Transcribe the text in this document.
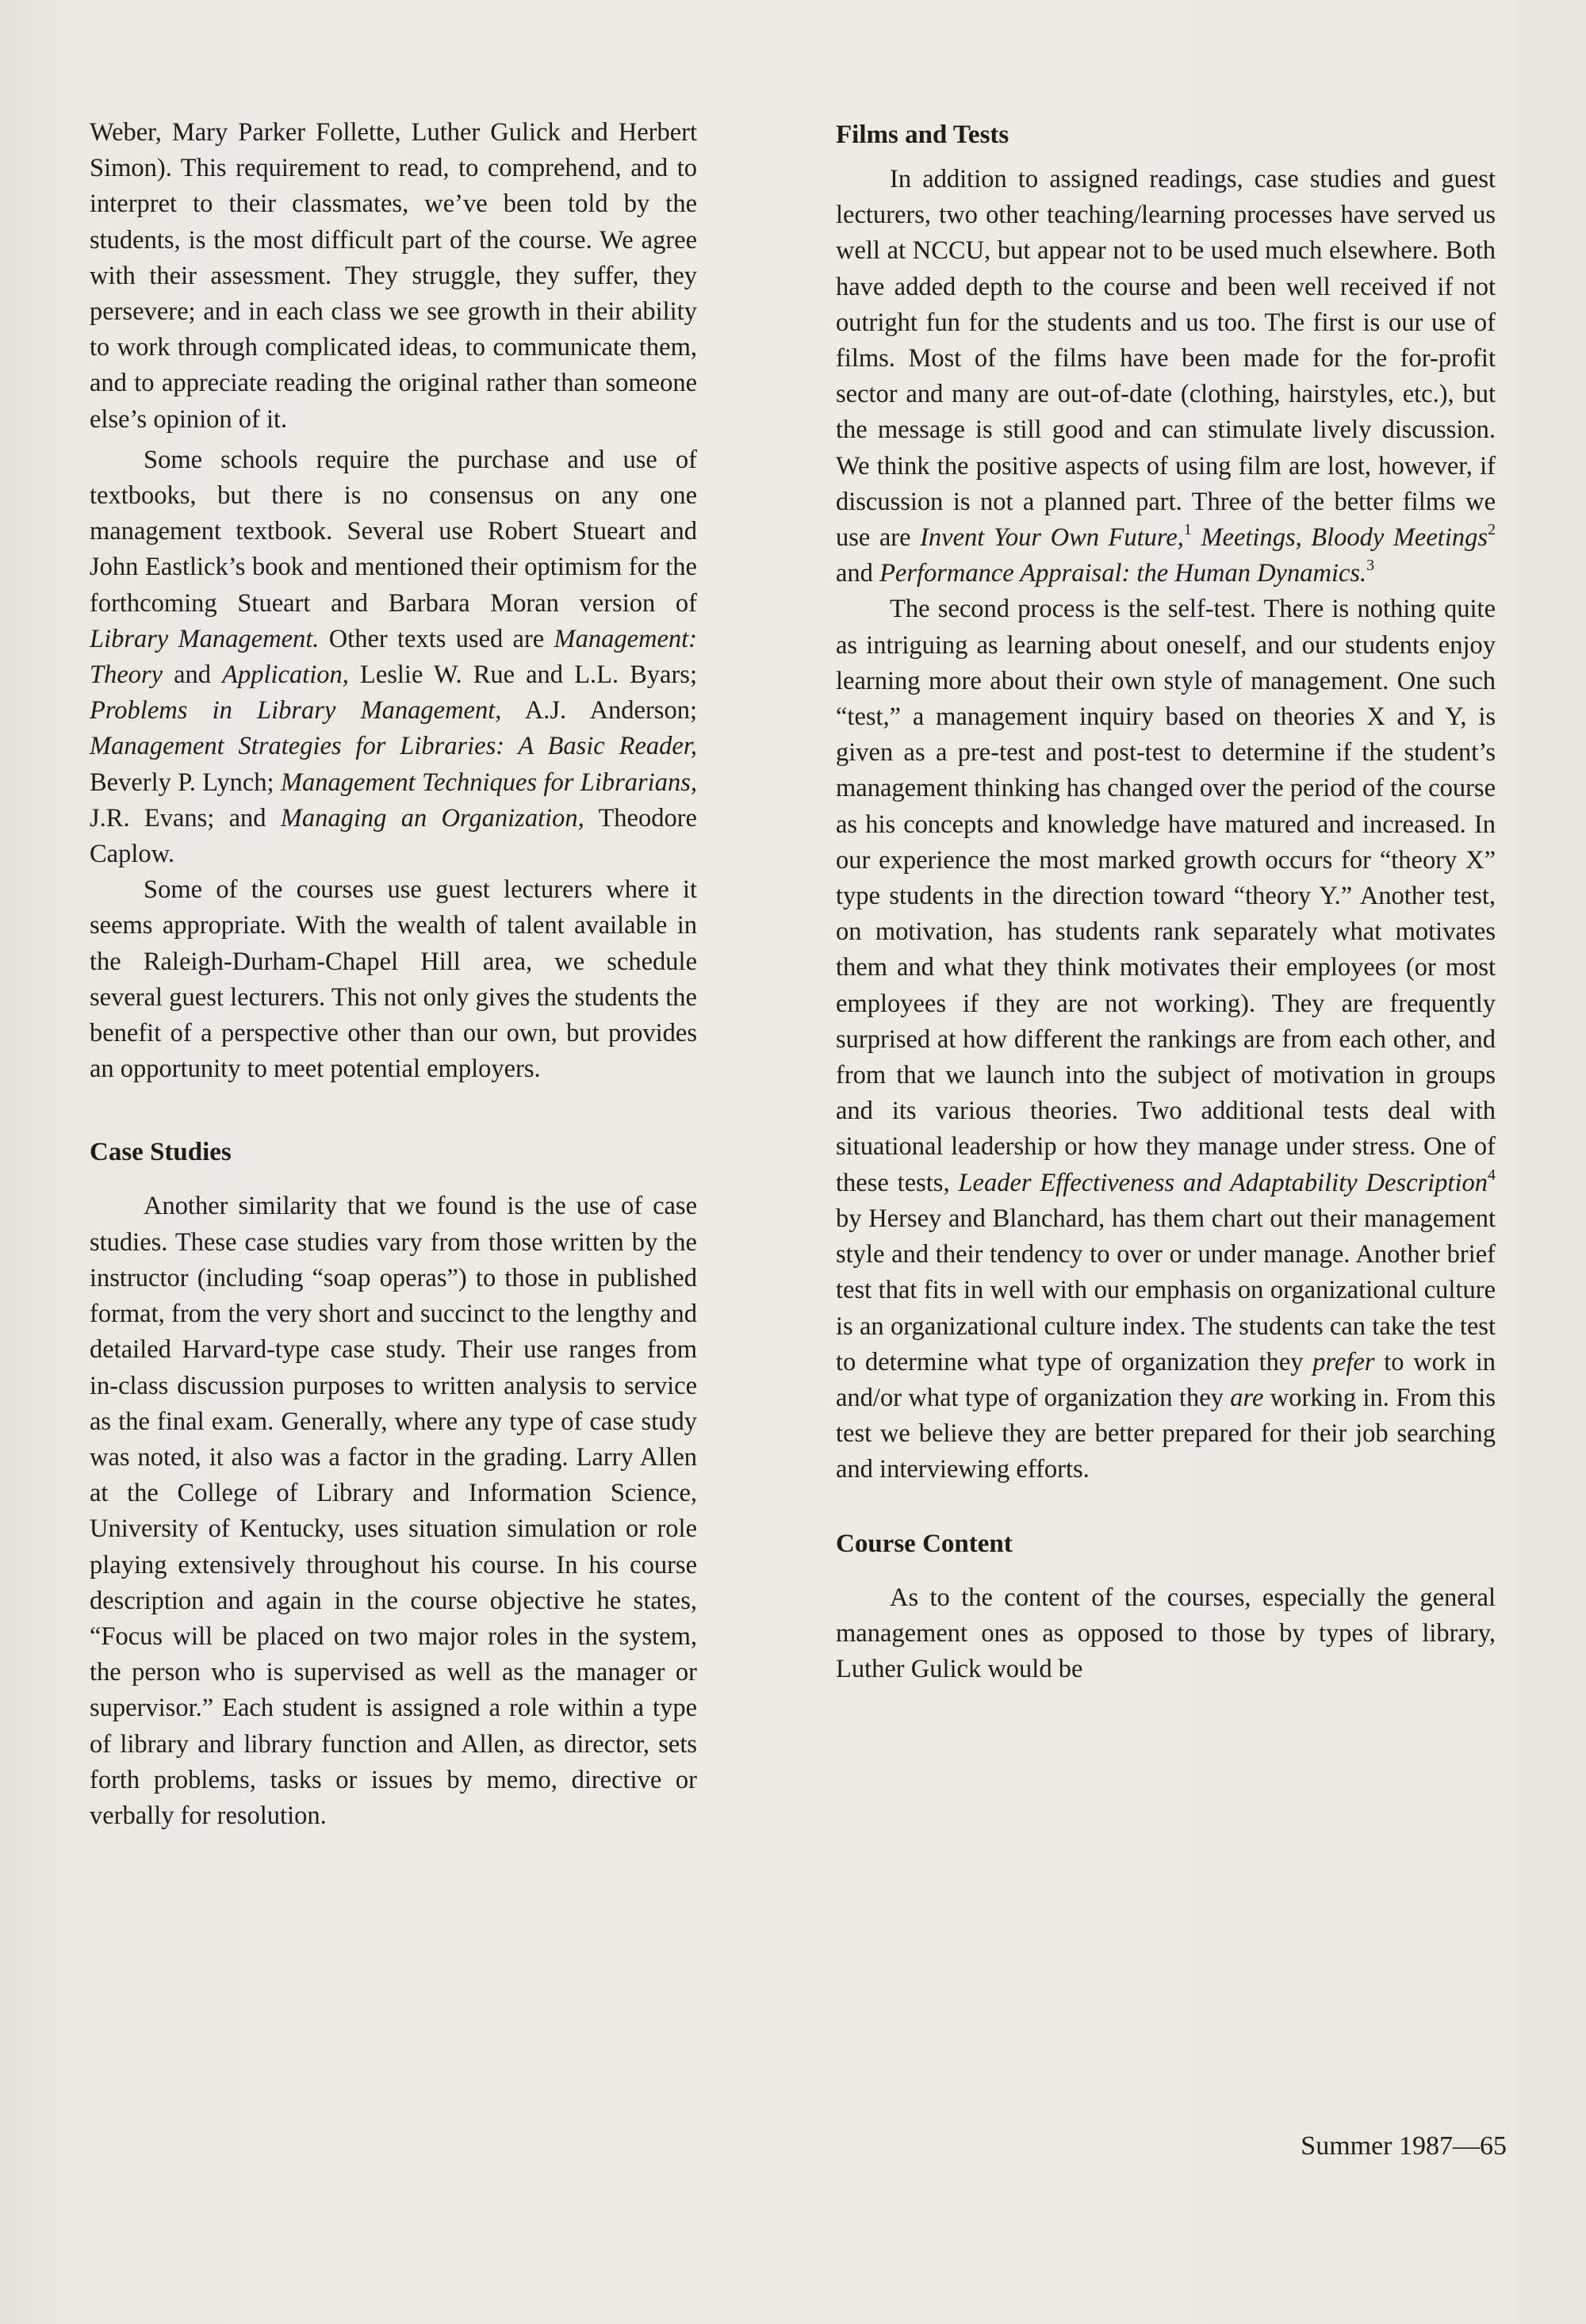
Weber, Mary Parker Follette, Luther Gulick and Herbert Simon). This requirement to read, to comprehend, and to interpret to their classmates, we’ve been told by the students, is the most difficult part of the course. We agree with their assessment. They struggle, they suffer, they persevere; and in each class we see growth in their ability to work through complicated ideas, to communicate them, and to appreciate reading the original rather than someone else’s opinion of it.

Some schools require the purchase and use of textbooks, but there is no consensus on any one management textbook. Several use Robert Stueart and John Eastlick’s book and mentioned their optimism for the forthcoming Stueart and Barbara Moran version of Library Management. Other texts used are Management: Theory and Application, Leslie W. Rue and L.L. Byars; Problems in Library Management, A.J. Anderson; Management Strategies for Libraries: A Basic Reader, Beverly P. Lynch; Management Techniques for Librarians, J.R. Evans; and Managing an Organization, Theodore Caplow.

Some of the courses use guest lecturers where it seems appropriate. With the wealth of talent available in the Raleigh-Durham-Chapel Hill area, we schedule several guest lecturers. This not only gives the students the benefit of a perspective other than our own, but provides an opportunity to meet potential employers.

Case Studies

Another similarity that we found is the use of case studies. These case studies vary from those written by the instructor (including “soap operas”) to those in published format, from the very short and succinct to the lengthy and detailed Harvard-type case study. Their use ranges from in-class discussion purposes to written analysis to service as the final exam. Generally, where any type of case study was noted, it also was a factor in the grading. Larry Allen at the College of Library and Information Science, University of Kentucky, uses situation simulation or role playing extensively throughout his course. In his course description and again in the course objective he states, “Focus will be placed on two major roles in the system, the person who is supervised as well as the manager or supervisor.” Each student is assigned a role within a type of library and library function and Allen, as director, sets forth problems, tasks or issues by memo, directive or verbally for resolution.

Films and Tests

In addition to assigned readings, case studies and guest lecturers, two other teaching/learning processes have served us well at NCCU, but appear not to be used much elsewhere. Both have added depth to the course and been well received if not outright fun for the students and us too. The first is our use of films. Most of the films have been made for the for-profit sector and many are out-of-date (clothing, hairstyles, etc.), but the message is still good and can stimulate lively discussion. We think the positive aspects of using film are lost, however, if discussion is not a planned part. Three of the better films we use are Invent Your Own Future,$^1$ Meetings, Bloody Meetings$^2$ and Performance Appraisal: the Human Dynamics.$^3$

The second process is the self-test. There is nothing quite as intriguing as learning about oneself, and our students enjoy learning more about their own style of management. One such “test,” a management inquiry based on theories X and Y, is given as a pre-test and post-test to determine if the student’s management thinking has changed over the period of the course as his concepts and knowledge have matured and increased. In our experience the most marked growth occurs for “theory X” type students in the direction toward “theory Y.” Another test, on motivation, has students rank separately what motivates them and what they think motivates their employees (or most employees if they are not working). They are frequently surprised at how different the rankings are from each other, and from that we launch into the subject of motivation in groups and its various theories. Two additional tests deal with situational leadership or how they manage under stress. One of these tests, Leader Effectiveness and Adaptability Description$^4$ by Hersey and Blanchard, has them chart out their management style and their tendency to over or under manage. Another brief test that fits in well with our emphasis on organizational culture is an organizational culture index. The students can take the test to determine what type of organization they prefer to work in and/or what type of organization they are working in. From this test we believe they are better prepared for their job searching and interviewing efforts.

Course Content

As to the content of the courses, especially the general management ones as opposed to those by types of library, Luther Gulick would be

Summer 1987—65
